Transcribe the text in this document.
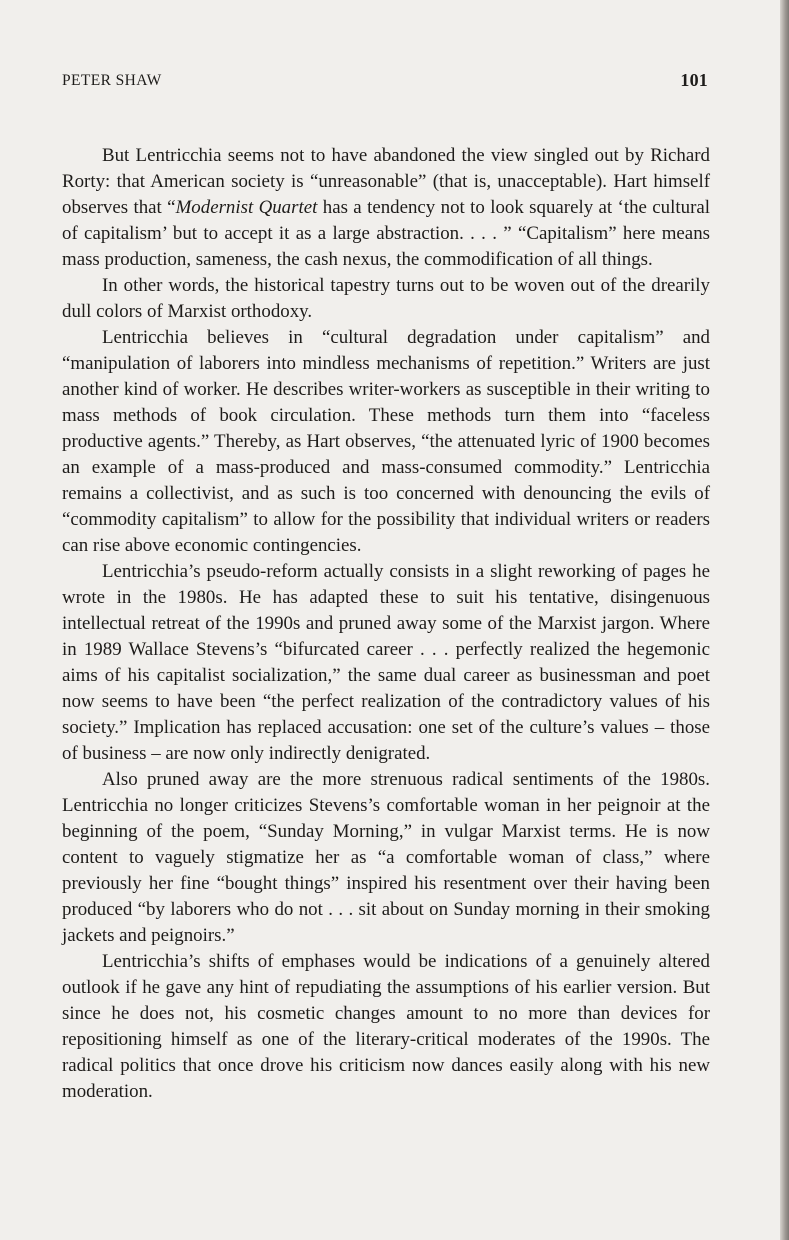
PETER SHAW	101

But Lentricchia seems not to have abandoned the view singled out by Richard Rorty: that American society is “unreasonable” (that is, unacceptable). Hart himself observes that “Modernist Quartet has a tendency not to look squarely at ‘the cultural of capitalism’ but to accept it as a large abstraction. . . . ” “Capitalism” here means mass production, sameness, the cash nexus, the commodification of all things.

In other words, the historical tapestry turns out to be woven out of the drearily dull colors of Marxist orthodoxy.

Lentricchia believes in “cultural degradation under capitalism” and “manipulation of laborers into mindless mechanisms of repetition.” Writers are just another kind of worker. He describes writer-workers as susceptible in their writing to mass methods of book circulation. These methods turn them into “faceless productive agents.” Thereby, as Hart observes, “the attenuated lyric of 1900 becomes an example of a mass-produced and mass-consumed commodity.” Lentricchia remains a collectivist, and as such is too concerned with denouncing the evils of “commodity capitalism” to allow for the possibility that individual writers or readers can rise above economic contingencies.

Lentricchia’s pseudo-reform actually consists in a slight reworking of pages he wrote in the 1980s. He has adapted these to suit his tentative, disingenuous intellectual retreat of the 1990s and pruned away some of the Marxist jargon. Where in 1989 Wallace Stevens’s “bifurcated career . . . perfectly realized the hegemonic aims of his capitalist socialization,” the same dual career as businessman and poet now seems to have been “the perfect realization of the contradictory values of his society.” Implication has replaced accusation: one set of the culture’s values – those of business – are now only indirectly denigrated.

Also pruned away are the more strenuous radical sentiments of the 1980s. Lentricchia no longer criticizes Stevens’s comfortable woman in her peignoir at the beginning of the poem, “Sunday Morning,” in vulgar Marxist terms. He is now content to vaguely stigmatize her as “a comfortable woman of class,” where previously her fine “bought things” inspired his resentment over their having been produced “by laborers who do not . . . sit about on Sunday morning in their smoking jackets and peignoirs.”

Lentricchia’s shifts of emphases would be indications of a genuinely altered outlook if he gave any hint of repudiating the assumptions of his earlier version. But since he does not, his cosmetic changes amount to no more than devices for repositioning himself as one of the literary-critical moderates of the 1990s. The radical politics that once drove his criticism now dances easily along with his new moderation.
